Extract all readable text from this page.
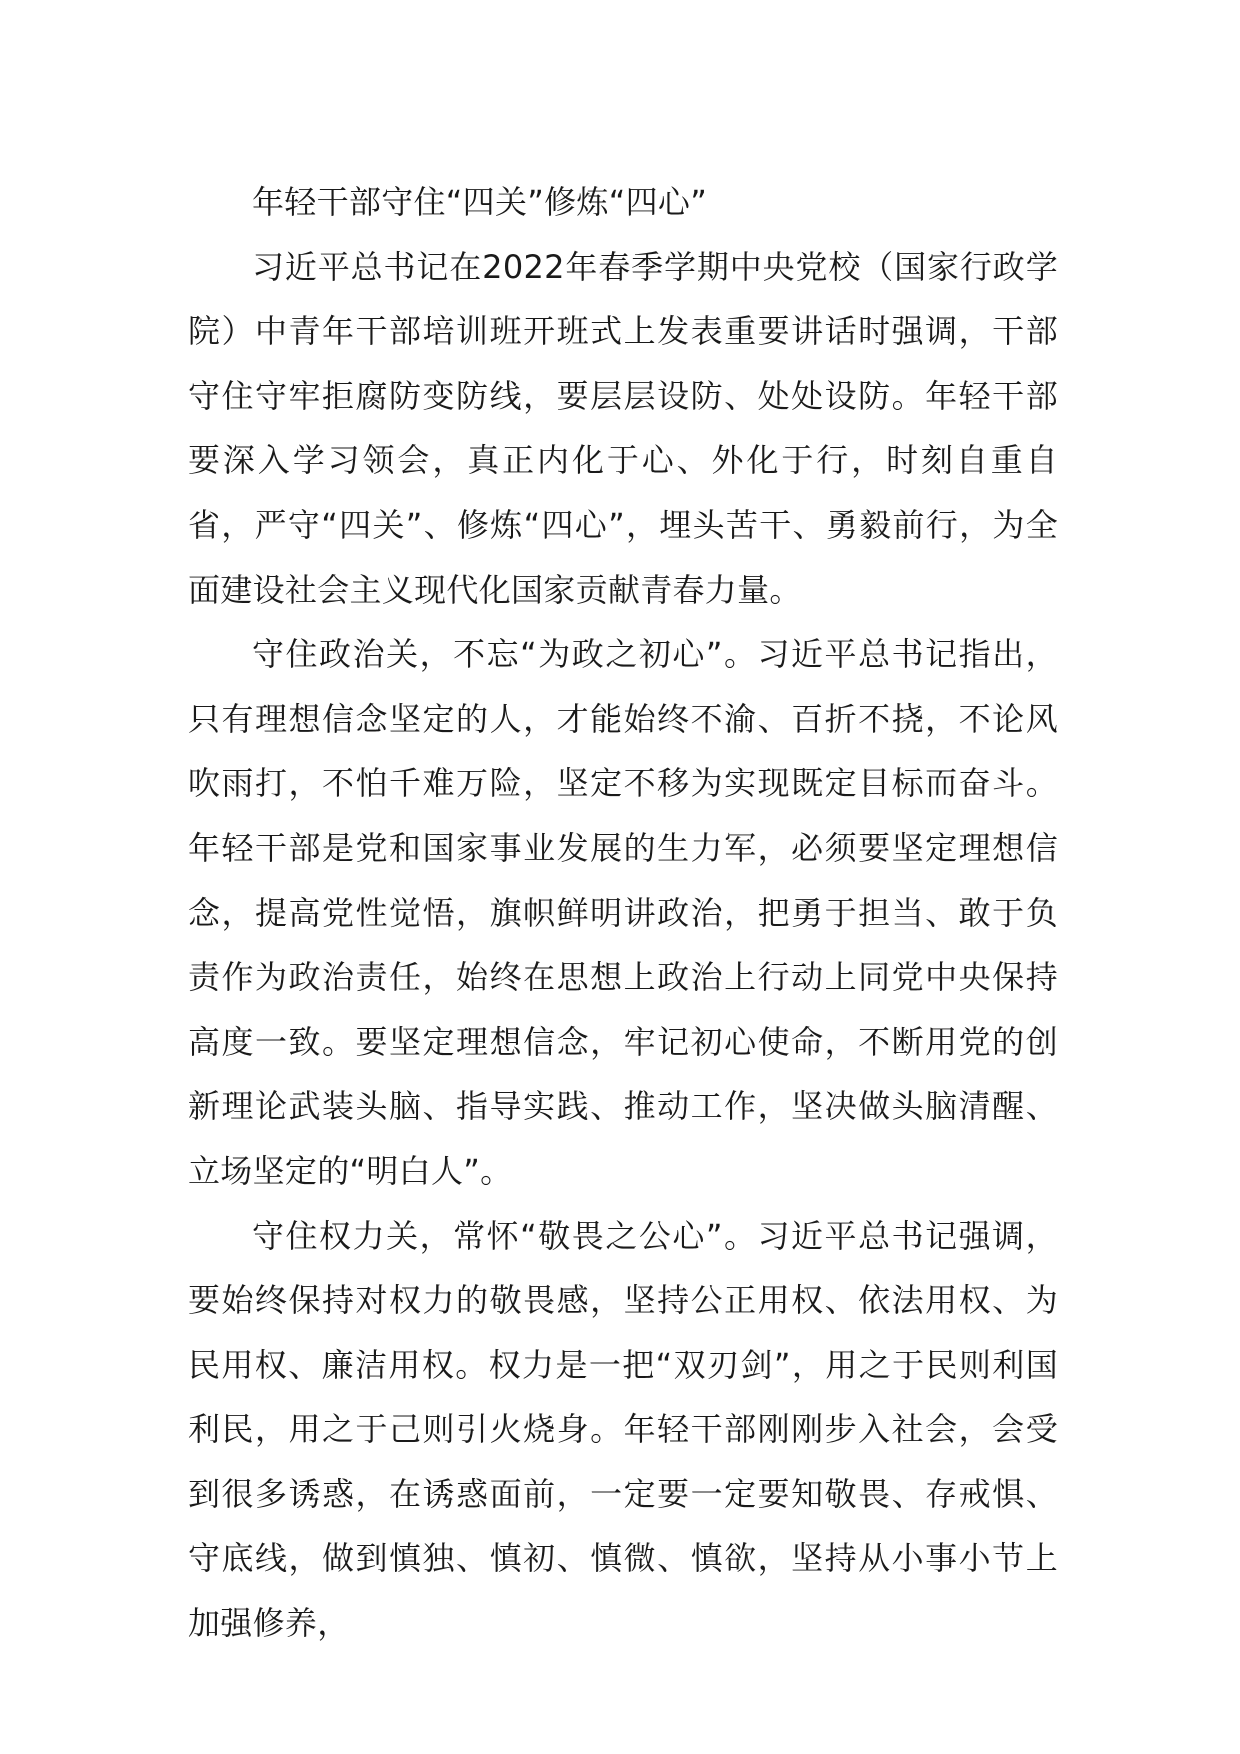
年轻干部守住“四关”修炼“四心”

习近平总书记在2022年春季学期中央党校（国家行政学院）中青年干部培训班开班式上发表重要讲话时强调，干部守住守牢拒腐防变防线，要层层设防、处处设防。年轻干部要深入学习领会，真正内化于心、外化于行，时刻自重自省，严守“四关”、修炼“四心”，埋头苦干、勇毅前行，为全面建设社会主义现代化国家贡献青春力量。

守住政治关，不忘“为政之初心”。习近平总书记指出，只有理想信念坚定的人，才能始终不渝、百折不挠，不论风吹雨打，不怕千难万险，坚定不移为实现既定目标而奋斗。年轻干部是党和国家事业发展的生力军，必须要坚定理想信念，提高党性觉悟，旗帜鲜明讲政治，把勇于担当、敢于负责作为政治责任，始终在思想上政治上行动上同党中央保持高度一致。要坚定理想信念，牢记初心使命，不断用党的创新理论武装头脑、指导实践、推动工作，坚决做头脑清醒、立场坚定的“明白人”。

守住权力关，常怀“敬畏之公心”。习近平总书记强调，要始终保持对权力的敬畏感，坚持公正用权、依法用权、为民用权、廉洁用权。权力是一把“双刃剑”，用之于民则利国利民，用之于己则引火烧身。年轻干部刚刚步入社会，会受到很多诱惑，在诱惑面前，一定要一定要知敬畏、存戒惧、守底线，做到慎独、慎初、慎微、慎欲，坚持从小事小节上加强修养，
